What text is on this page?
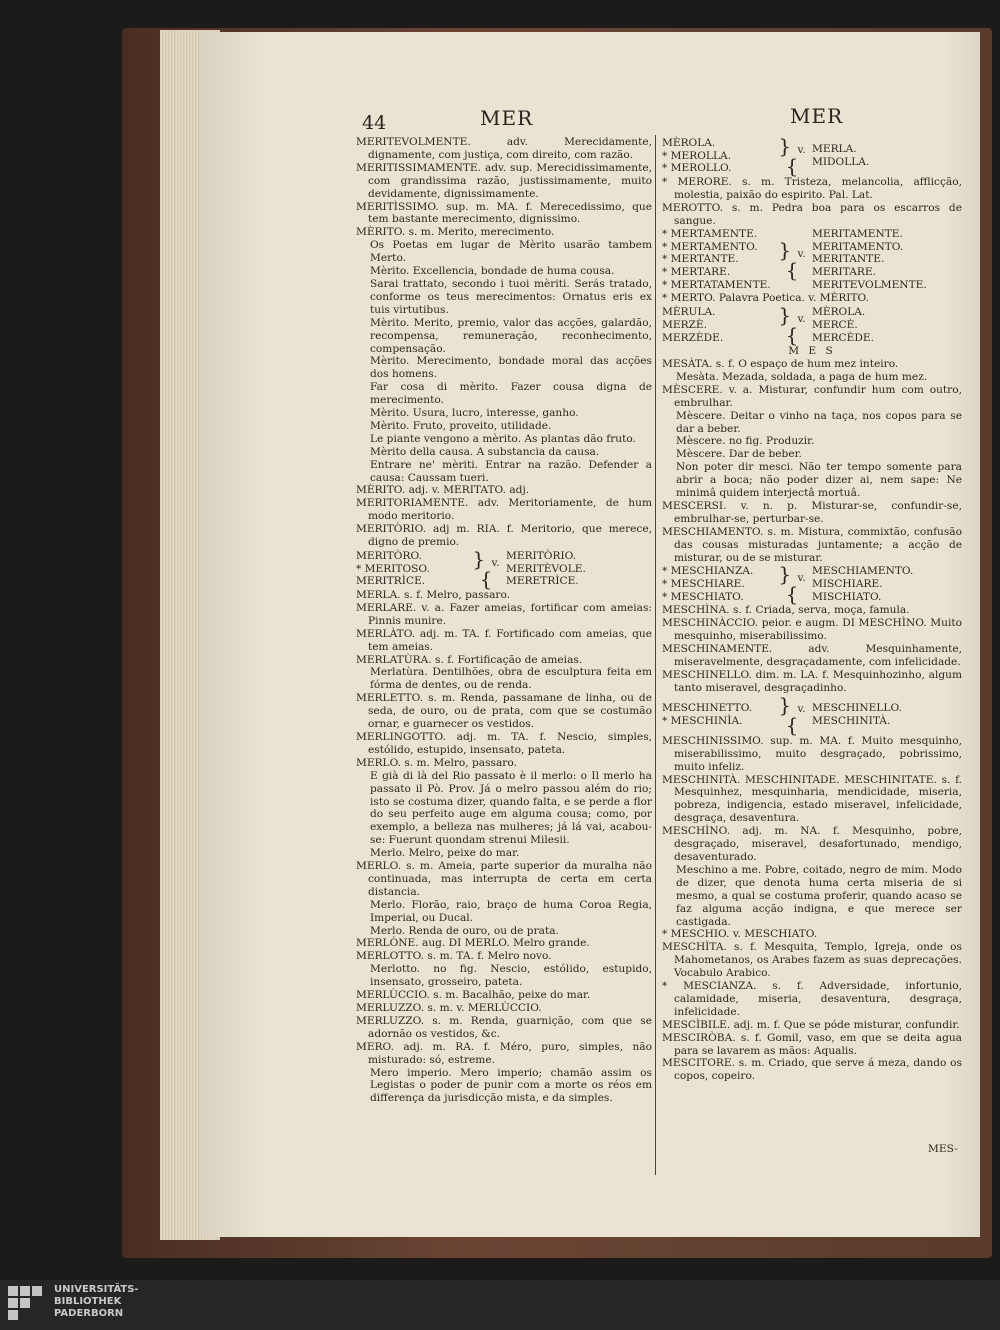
44	MER	MER
MERITEVOLMENTE. adv. Merecidamente, dignamente, com justiça, com direito, com razão.
MERITISSIMAMENTE. adv. sup. Merecidissimamente, com grandissima razão, justissimamente, muito devidamente, dignissimamente.
MERITÌSSIMO. sup. m. MA. f. Merecedissimo, que tem bastante merecimento, dignissimo.
MÈRITO. s. m. Merito, merecimento.
Os Poetas em lugar de Mèrito usarão tambem Merto.
Mèrito. Excellencia, bondade de huma cousa.
Sarai trattato, secondo i tuoi mèriti. Serás tratado, conforme os teus merecimentos: Ornatus eris ex tuis virtutibus.
Mèrito. Merito, premio, valor das acções, galardão, recompensa, remuneração, reconhecimento, compensação.
Mèrito. Merecimento, bondade moral das acções dos homens.
Far cosa di mèrito. Fazer cousa digna de merecimento.
Mèrito. Usura, lucro, interesse, ganho.
Mèrito. Fruto, proveito, utilidade.
Le piante vengono a mèrito. As plantas dão fruto.
Mèrito della causa. A substancia da causa.
Entrare ne' mèriti. Entrar na razão. Defender a causa: Caussam tueri.
MÈRITO. adj. v. MERITATO. adj.
MERITORIAMENTE. adv. Meritoriamente, de hum modo meritorio.
MERITÒRIO. adj m. RIA. f. Meritorio, que merece, digno de premio.
MERITÒRO.
* MERITOSO.
MERITRÌCE.
} v. {
MERITÒRIO.
MERITÈVOLE.
MERETRÌCE.
MERLA. s. f. Melro, passaro.
MERLARE. v. a. Fazer ameias, fortificar com ameias: Pinnis munire.
MERLÀTO. adj. m. TA. f. Fortificado com ameias, que tem ameias.
MERLATÙRA. s. f. Fortificação de ameias.
Merlatùra. Dentilhões, obra de esculptura feita em fórma de dentes, ou de renda.
MERLETTO. s. m. Renda, passamane de linha, ou de seda, de ouro, ou de prata, com que se costumão ornar, e guarnecer os vestidos.
MERLINGOTTO. adj. m. TA. f. Nescio, simples, estólido, estupido, insensato, pateta.
MERLO. s. m. Melro, passaro.
E già di là del Rio passato è il merlo: o Il merlo ha passato il Pò. Prov. Já o melro passou além do rio; isto se costuma dizer, quando falta, e se perde a flor do seu perfeito auge em alguma cousa; como, por exemplo, a belleza nas mulheres; já lá vai, acabou-se: Fuerunt quondam strenui Milesii.
Merlo. Melro, peixe do mar.
MERLO. s. m. Ameia, parte superior da muralha não continuada, mas interrupta de certa em certa distancia.
Merlo. Florão, raio, braço de huma Coroa Regia, Imperial, ou Ducal.
Merlo. Renda de ouro, ou de prata.
MERLÒNE. aug. DI MERLO. Melro grande.
MERLOTTO. s. m. TA. f. Melro novo.
Merlotto. no fig. Nescio, estólido, estupido, insensato, grosseiro, pateta.
MERLÙCCIO. s. m. Bacalhão, peixe do mar.
MERLUZZO. s. m. v. MERLÙCCIO.
MERLUZZO. s. m. Renda, guarnição, com que se adornão os vestidos, &c.
MERO. adj. m. RA. f. Méro, puro, simples, não misturado: só, estreme.
Mero imperio. Mero imperio; chamão assim os Legistas o poder de punir com a morte os réos em differença da jurisdicção mista, e da simples.
MÈROLA.
* MEROLLA.
* MEROLLO.
} v. {
MERLA.
MIDOLLA.
* MERORE. s. m. Tristeza, melancolia, afflicção, molestia, paixão do espirito. Pal. Lat.
MEROTTO. s. m. Pedra boa para os escarros de sangue.
* MERTAMENTE.
* MERTAMENTO.
* MERTANTE.
* MERTARE.
* MERTATAMENTE.
} v. {
MERITAMENTE.
MERITAMENTO.
MERITANTE.
MERITARE.
MERITEVOLMENTE.
* MERTO. Palavra Poetica. v. MÈRITO.
MÈRULA.
MERZÈ.
MERZÈDE.
} v. {
MÈROLA.
MERCÈ.
MERCÈDE.
M E S
MESÀTA. s. f. O espaço de hum mez inteiro.
Mesàta. Mezada, soldada, a paga de hum mez.
MÈSCERE. v. a. Misturar, confundir hum com outro, embrulhar.
Mèscere. Deitar o vinho na taça, nos copos para se dar a beber.
Mèscere. no fig. Produzir.
Mèscere. Dar de beber.
Non poter dir mesci. Não ter tempo somente para abrir a boca; não poder dizer ai, nem sape: Ne minimâ quidem interjectâ mortuâ.
MESCERSI. v. n. p. Misturar-se, confundir-se, embrulhar-se, perturbar-se.
MESCHIAMENTO. s. m. Mistura, commixtão, confusão das cousas misturadas juntamente; a acção de misturar, ou de se misturar.
* MESCHIANZA.
* MESCHIARE.
* MESCHIATO.
} v. {
MESCHIAMENTO.
MISCHIARE.
MISCHIATO.
MESCHÌNA. s. f. Criada, serva, moça, famula.
MESCHINÀCCIO. peior. e augm. DI MESCHÌNO. Muito mesquinho, miserabilissimo.
MESCHINAMENTE. adv. Mesquinhamente, miseravelmente, desgraçadamente, com infelicidade.
MESCHINELLO. dim. m. LA. f. Mesquinhozinho, algum tanto miseravel, desgraçadinho.
MESCHINETTO.
* MESCHINÌA.
} v. {
MESCHINELLO.
MESCHINITÀ.
MESCHINISSIMO. sup. m. MA. f. Muito mesquinho, miserabilissimo, muito desgraçado, pobrissimo, muito infeliz.
MESCHINITÀ. MESCHINITADE. MESCHINITATE. s. f. Mesquinhez, mesquinharia, mendicidade, miseria, pobreza, indigencia, estado miseravel, infelicidade, desgraça, desaventura.
MESCHÌNO. adj. m. NA. f. Mesquinho, pobre, desgraçado, miseravel, desafortunado, mendigo, desaventurado.
Meschino a me. Pobre, coitado, negro de mim. Modo de dizer, que denota huma certa miseria de si mesmo, a qual se costuma proferir, quando acaso se faz alguma acção indigna, e que merece ser castigada.
* MESCHIO. v. MESCHIATO.
MESCHÌTA. s. f. Mesquita, Templo, Igreja, onde os Mahometanos, os Arabes fazem as suas deprecações. Vocabulo Arabico.
* MESCIANZA. s. f. Adversidade, infortunio, calamidade, miseria, desaventura, desgraça, infelicidade.
MESCÌBILE. adj. m. f. Que se póde misturar, confundir.
MESCIRÒBA. s. f. Gomil, vaso, em que se deita agua para se lavarem as mãos: Aqualis.
MESCITORE. s. m. Criado, que serve á meza, dando os copos, copeiro.
MES-
UNIVERSITÄTS-
BIBLIOTHEK
PADERBORN
